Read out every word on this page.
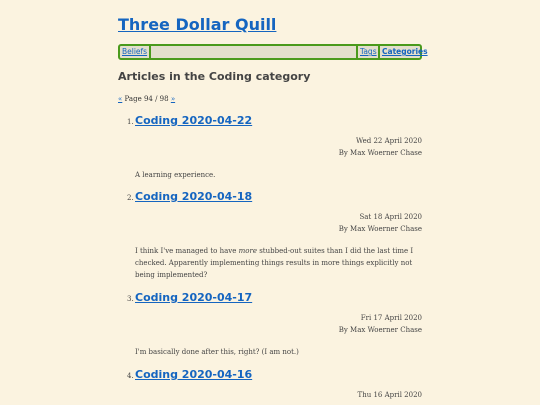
Three Dollar Quill
Beliefs	Tags Categories
Articles in the Coding category
« Page 94 / 98 »
1. Coding 2020-04-22
Wed 22 April 2020
By Max Woerner Chase
A learning experience.
2. Coding 2020-04-18
Sat 18 April 2020
By Max Woerner Chase
I think I've managed to have more stubbed-out suites than I did the last time I checked. Apparently implementing things results in more things explicitly not being implemented?
3. Coding 2020-04-17
Fri 17 April 2020
By Max Woerner Chase
I'm basically done after this, right? (I am not.)
4. Coding 2020-04-16
Thu 16 April 2020
